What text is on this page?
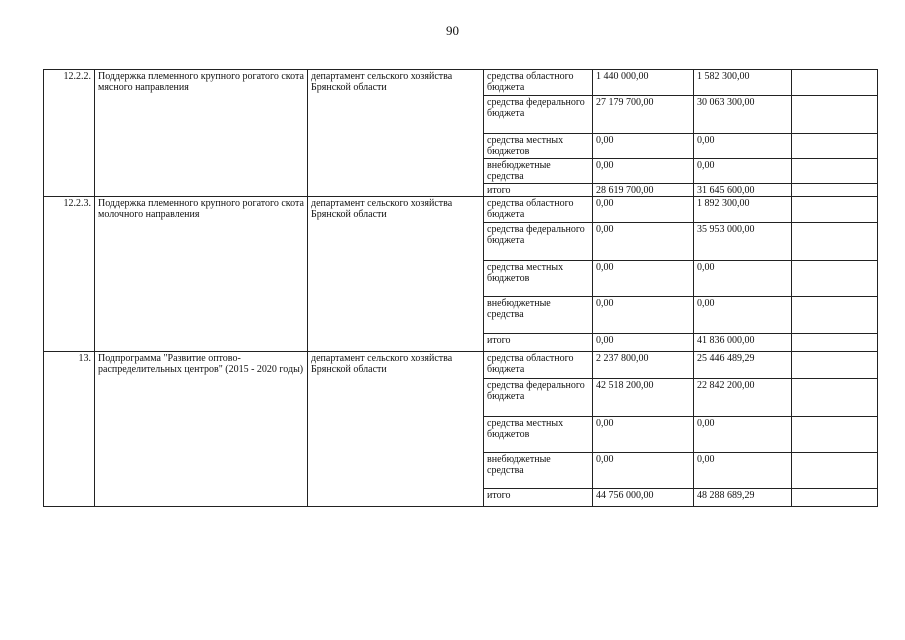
90
12.2.2.	Поддержка племенного крупного рогатого скота мясного направления	департамент сельского хозяйства Брянской области	средства областного бюджета	1 440 000,00	1 582 300,00	
			средства федерального бюджета	27 179 700,00	30 063 300,00	
			средства местных бюджетов	0,00	0,00	
			внебюджетные средства	0,00	0,00	
			итого	28 619 700,00	31 645 600,00	
12.2.3.	Поддержка племенного крупного рогатого скота молочного направления	департамент сельского хозяйства Брянской области	средства областного бюджета	0,00	1 892 300,00	
			средства федерального бюджета	0,00	35 953 000,00	
			средства местных бюджетов	0,00	0,00	
			внебюджетные средства	0,00	0,00	
			итого	0,00	41 836 000,00	
13.	Подпрограмма "Развитие оптово-распределительных центров" (2015 - 2020 годы)	департамент сельского хозяйства Брянской области	средства областного бюджета	2 237 800,00	25 446 489,29	
			средства федерального бюджета	42 518 200,00	22 842 200,00	
			средства местных бюджетов	0,00	0,00	
			внебюджетные средства	0,00	0,00	
			итого	44 756 000,00	48 288 689,29	
